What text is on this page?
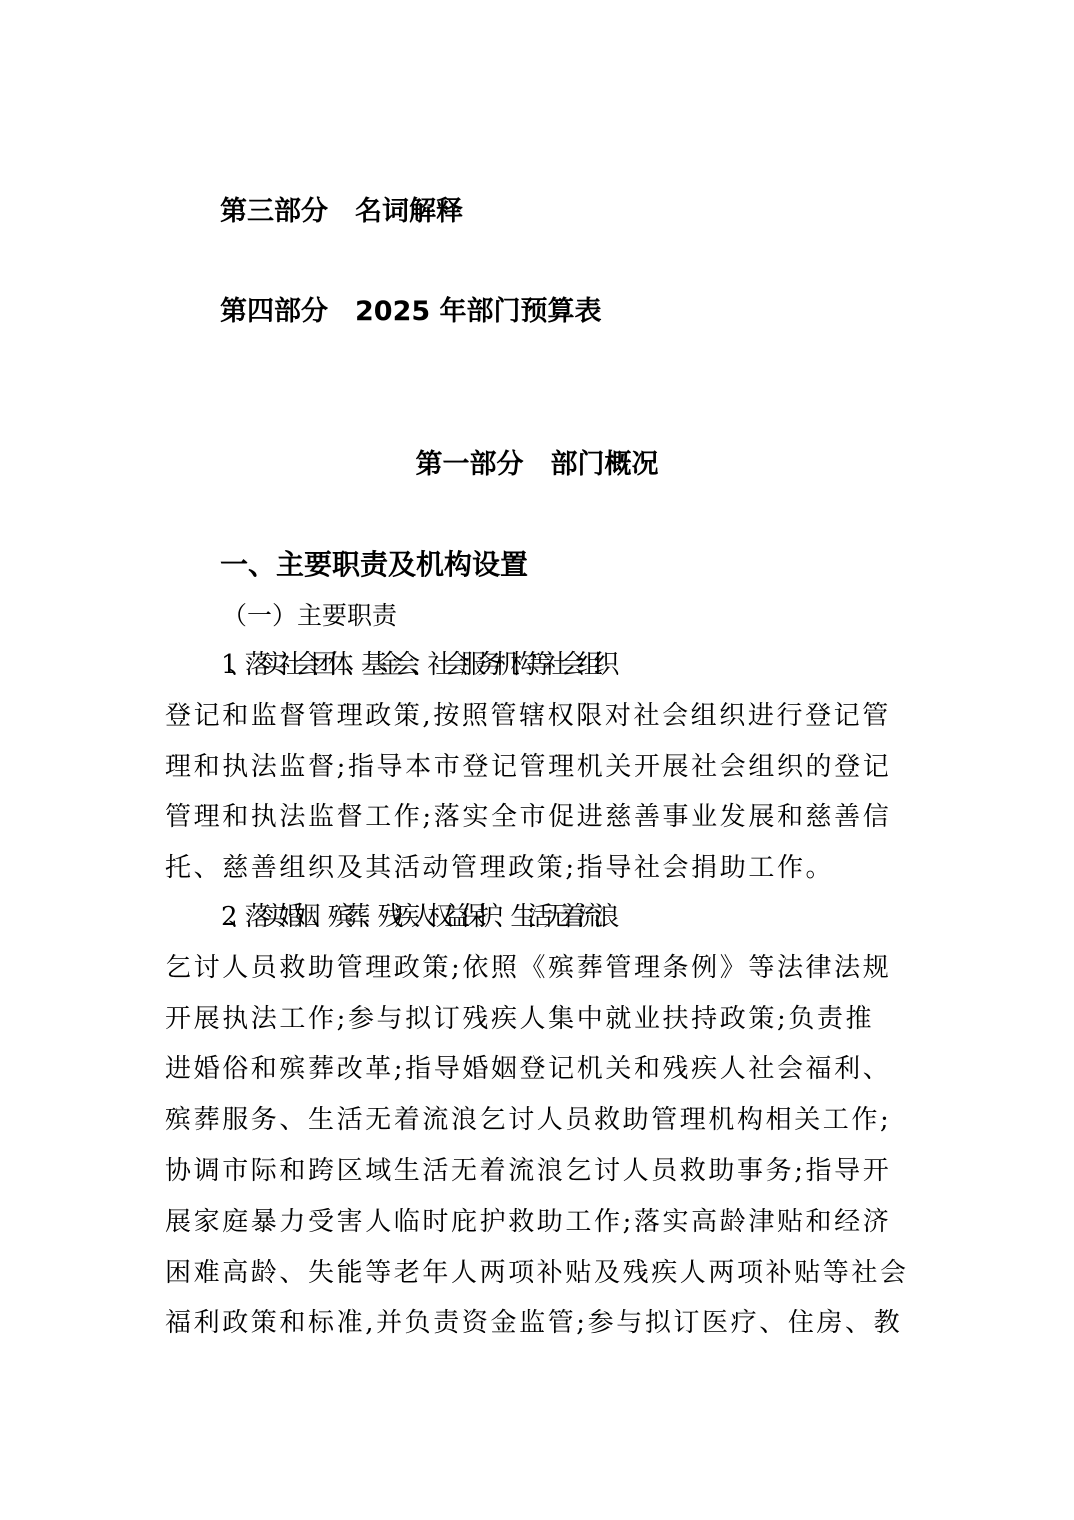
第三部分　名词解释
第四部分　2025 年部门预算表
第一部分　部门概况
一、主要职责及机构设置
（一）主要职责
1、落实社会团体、基金会、社会服务机构等社会组织
登记和监督管理政策,按照管辖权限对社会组织进行登记管
理和执法监督;指导本市登记管理机关开展社会组织的登记
管理和执法监督工作;落实全市促进慈善事业发展和慈善信
托、慈善组织及其活动管理政策;指导社会捐助工作。
2、落实婚姻、殡葬、残疾人权益保护、生活无着流浪
乞讨人员救助管理政策;依照《殡葬管理条例》等法律法规
开展执法工作;参与拟订残疾人集中就业扶持政策;负责推
进婚俗和殡葬改革;指导婚姻登记机关和残疾人社会福利、
殡葬服务、生活无着流浪乞讨人员救助管理机构相关工作;
协调市际和跨区域生活无着流浪乞讨人员救助事务;指导开
展家庭暴力受害人临时庇护救助工作;落实高龄津贴和经济
困难高龄、失能等老年人两项补贴及残疾人两项补贴等社会
福利政策和标准,并负责资金监管;参与拟订医疗、住房、教
